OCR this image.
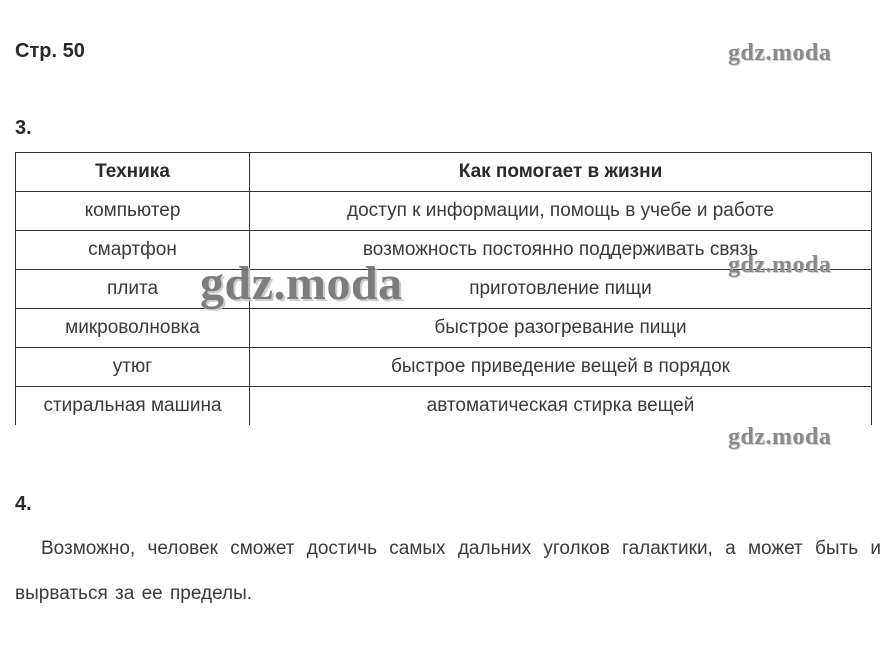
Стр. 50
3.
Техника	Как помогает в жизни
компьютер	доступ к информации, помощь в учебе и работе
смартфон	возможность постоянно поддерживать связь
плита	приготовление пищи
микроволновка	быстрое разогревание пищи
утюг	быстрое приведение вещей в порядок
стиральная машина	автоматическая стирка вещей
4.

Возможно, человек сможет достичь самых дальних уголков галактики, а может быть и вырваться за ее пределы.

gdz.moda
gdz.moda
gdz.moda
gdz.moda
